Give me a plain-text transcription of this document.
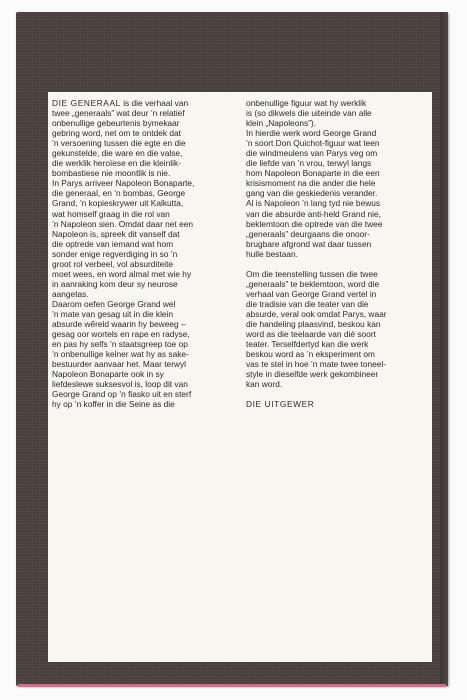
DIE GENERAAL is die verhaal van
twee „generaals” wat deur ’n relatief
onbenullige gebeurtenis bymekaar
gebring word, net om te ontdek dat
’n versoening tussen die egte en die
gekunstelde, die ware en die valse,
die werklik heroïese en die kleinlik-
bombastiese nie moontlik is nie.

In Parys arriveer Napoleon Bonaparte,
die generaal, en ’n bombas, George
Grand, ’n kopieskrywer uit Kalkutta,
wat homself graag in die rol van
’n Napoleon sien. Omdat daar net een
Napoleon is, spreek dit vanself dat
die optrede van iemand wat hom
sonder enige regverdiging in so ’n
groot rol verbeel, vol absurditeite
moet wees, en word almal met wie hy
in aanraking kom deur sy neurose
aangetas.

Daarom oefen George Grand wel
’n mate van gesag uit in die klein
absurde wêreld waarin hy beweeg –
gesag oor wortels en rape en radyse,
en pas hy selfs ’n staatsgreep toe op
’n onbenullige kelner wat hy as sake-
bestuurder aanvaar het. Maar terwyl
Napoleon Bonaparte ook in sy
liefdeslewe suksesvol is, loop dit van
George Grand op ’n fiasko uit en sterf
hy op ’n koffer in die Seine as die

onbenullige figuur wat hy werklik
is (so dikwels die uiteinde van alle
klein „Napoleons”).

In hierdie werk word George Grand
’n soort Don Quichot-figuur wat teen
die windmeulens van Parys veg om
die liefde van ’n vrou, terwyl langs
hom Napoleon Bonaparte in die een
krisismoment na die ander die hele
gang van die geskiedenis verander.
Al is Napoleon ’n lang tyd nie bewus
van die absurde anti-held Grand nie,
beklemtoon die optrede van die twee
„generaals” deurgaans die onoor-
brugbare afgrond wat daar tussen
hulle bestaan.

Om die teenstelling tussen die twee
„generaals” te beklemtoon, word die
verhaal van George Grand vertel in
die tradisie van die teater van die
absurde, veral ook omdat Parys, waar
die handeling plaasvind, beskou kan
word as die teelaarde van dié soort
teater. Terselfdertyd kan die werk
beskou word as ’n eksperiment om
vas te stel in hoe ’n mate twee toneel-
style in dieselfde werk gekombineer
kan word.

DIE UITGEWER
